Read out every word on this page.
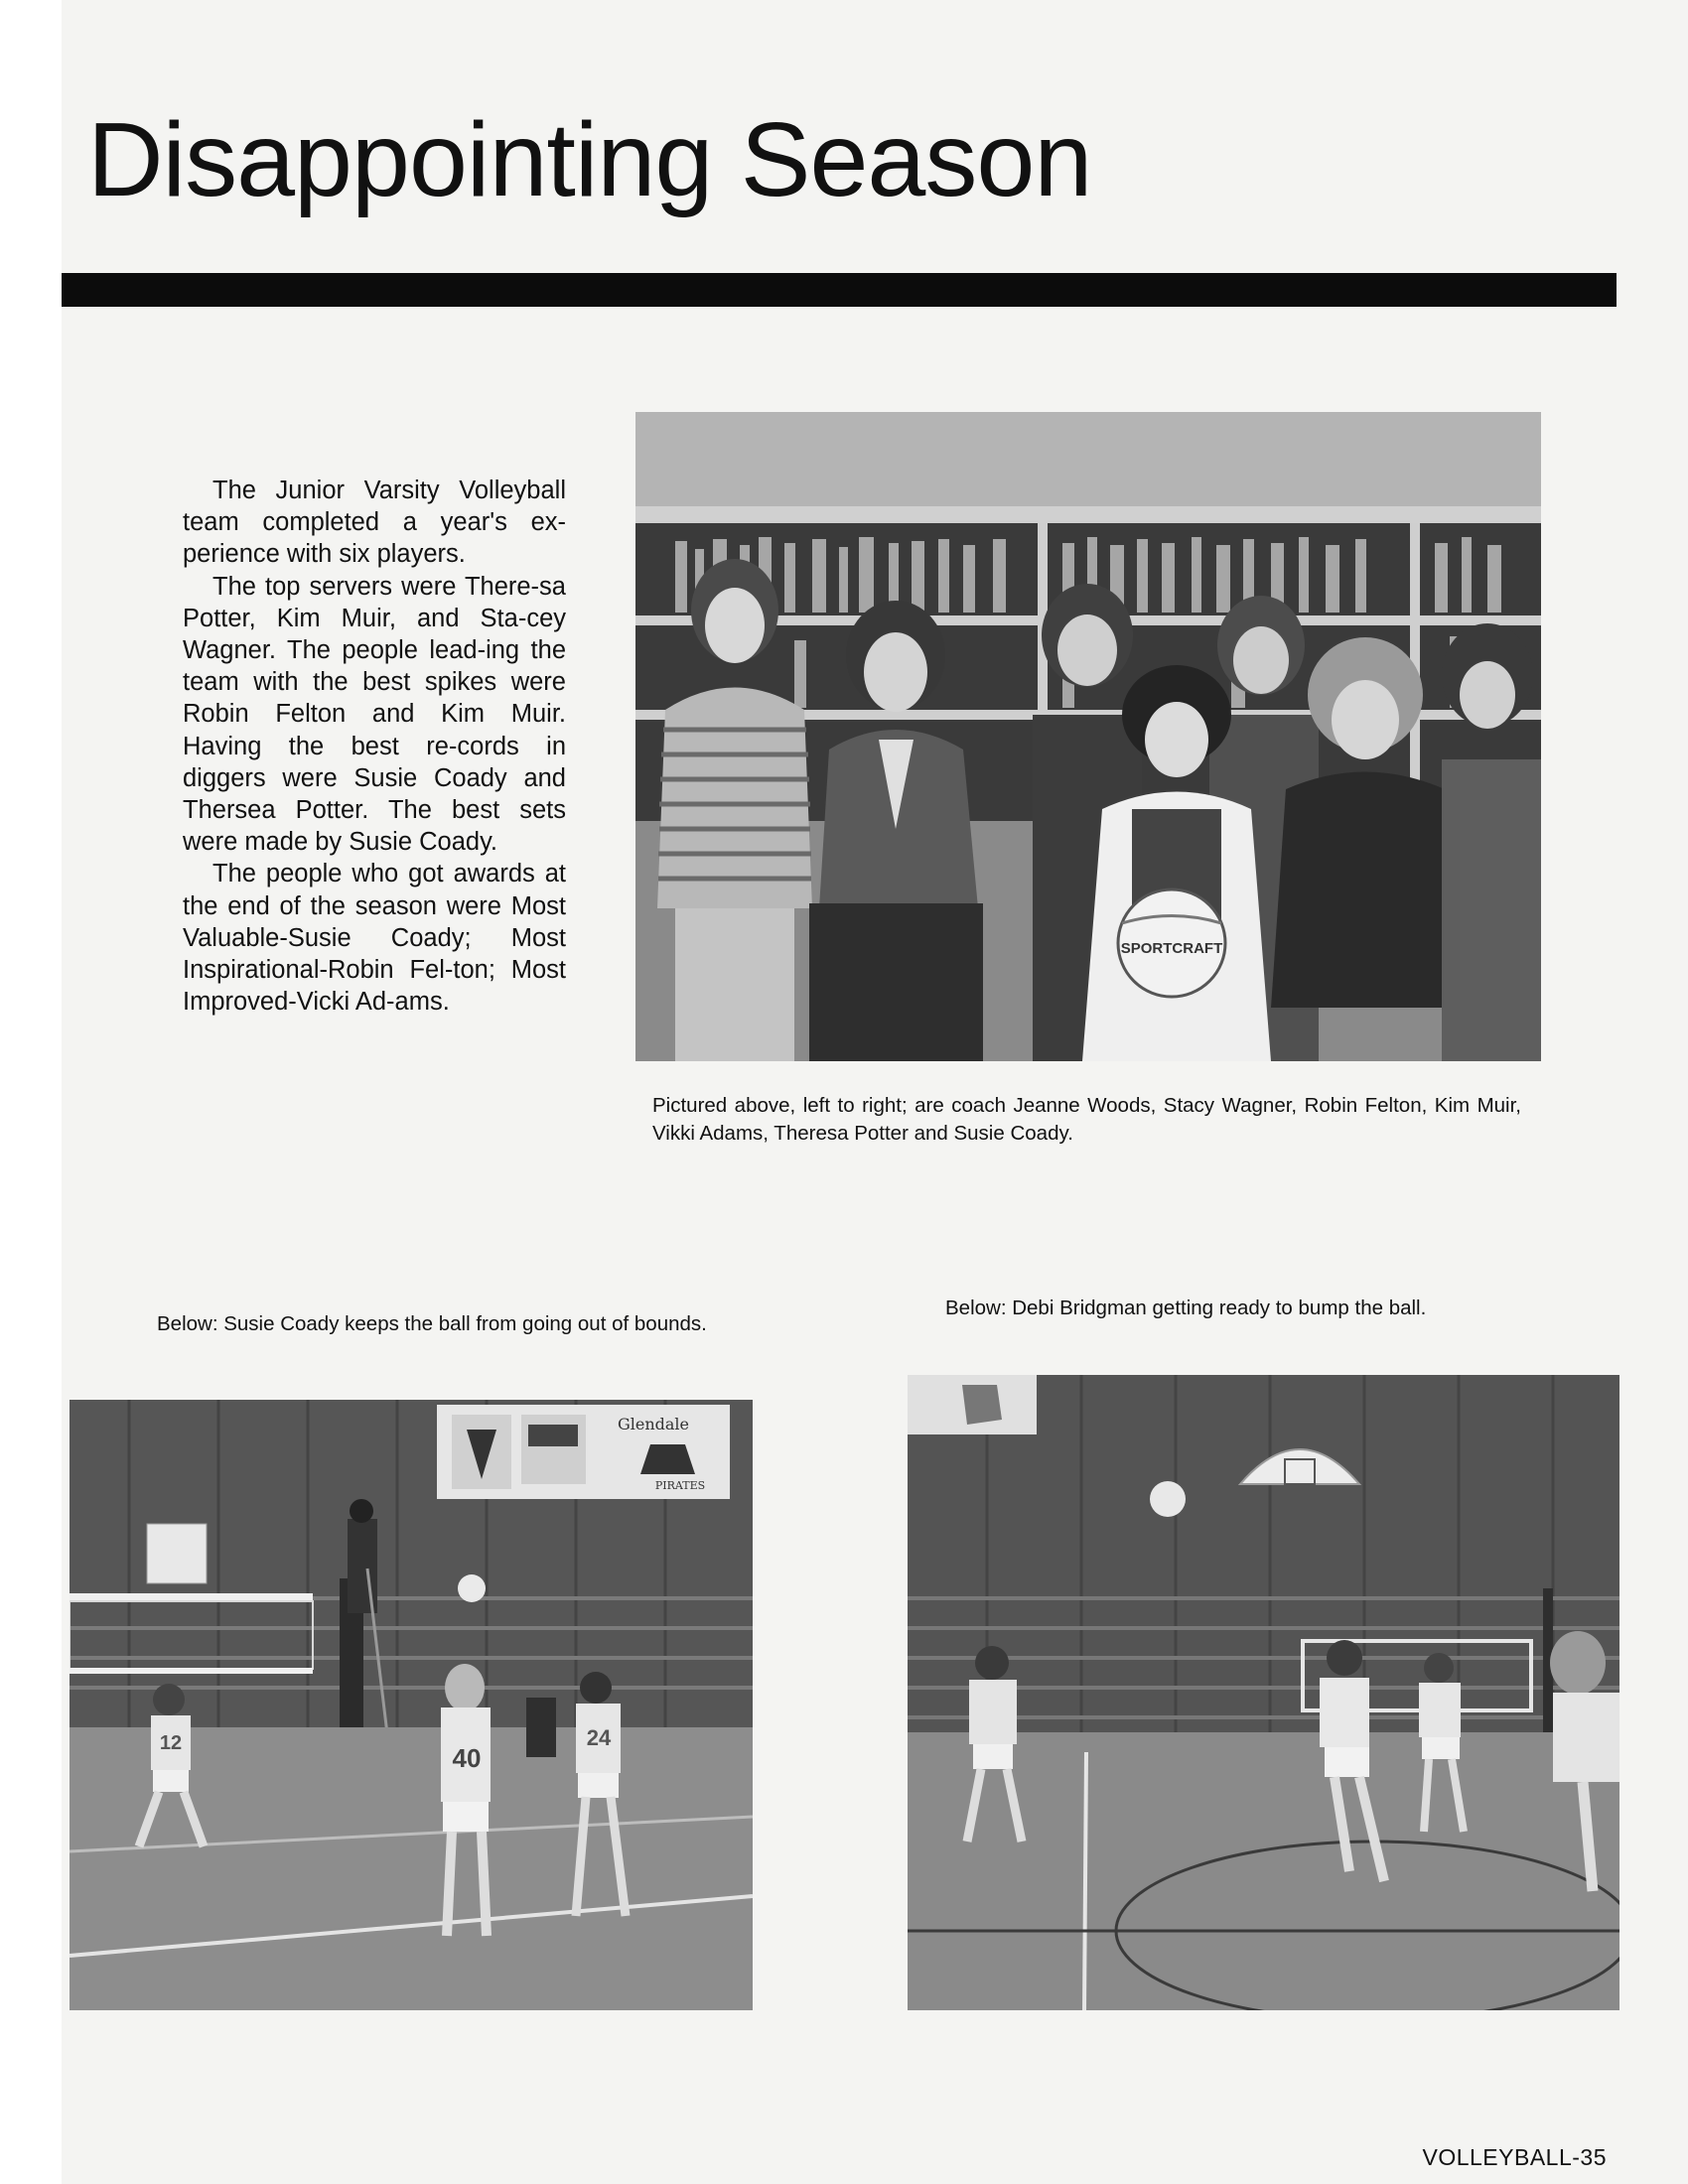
Disappointing Season

The Junior Varsity Volleyball team completed a year's ex-perience with six players.

The top servers were There-sa Potter, Kim Muir, and Sta-cey Wagner. The people lead-ing the team with the best spikes were Robin Felton and Kim Muir. Having the best re-cords in diggers were Susie Coady and Thersea Potter. The best sets were made by Susie Coady.

The people who got awards at the end of the season were Most Valuable-Susie Coady; Most Inspirational-Robin Fel-ton; Most Improved-Vicki Ad-ams.

SPORTCRAFT
Pictured above, left to right; are coach Jeanne Woods, Stacy Wagner, Robin Felton, Kim Muir, Vikki Adams, Theresa Potter and Susie Coady.
Below: Susie Coady keeps the ball from going out of bounds.
Below: Debi Bridgman getting ready to bump the ball.
Glendale
PIRATES
12	40
24
VOLLEYBALL-35
